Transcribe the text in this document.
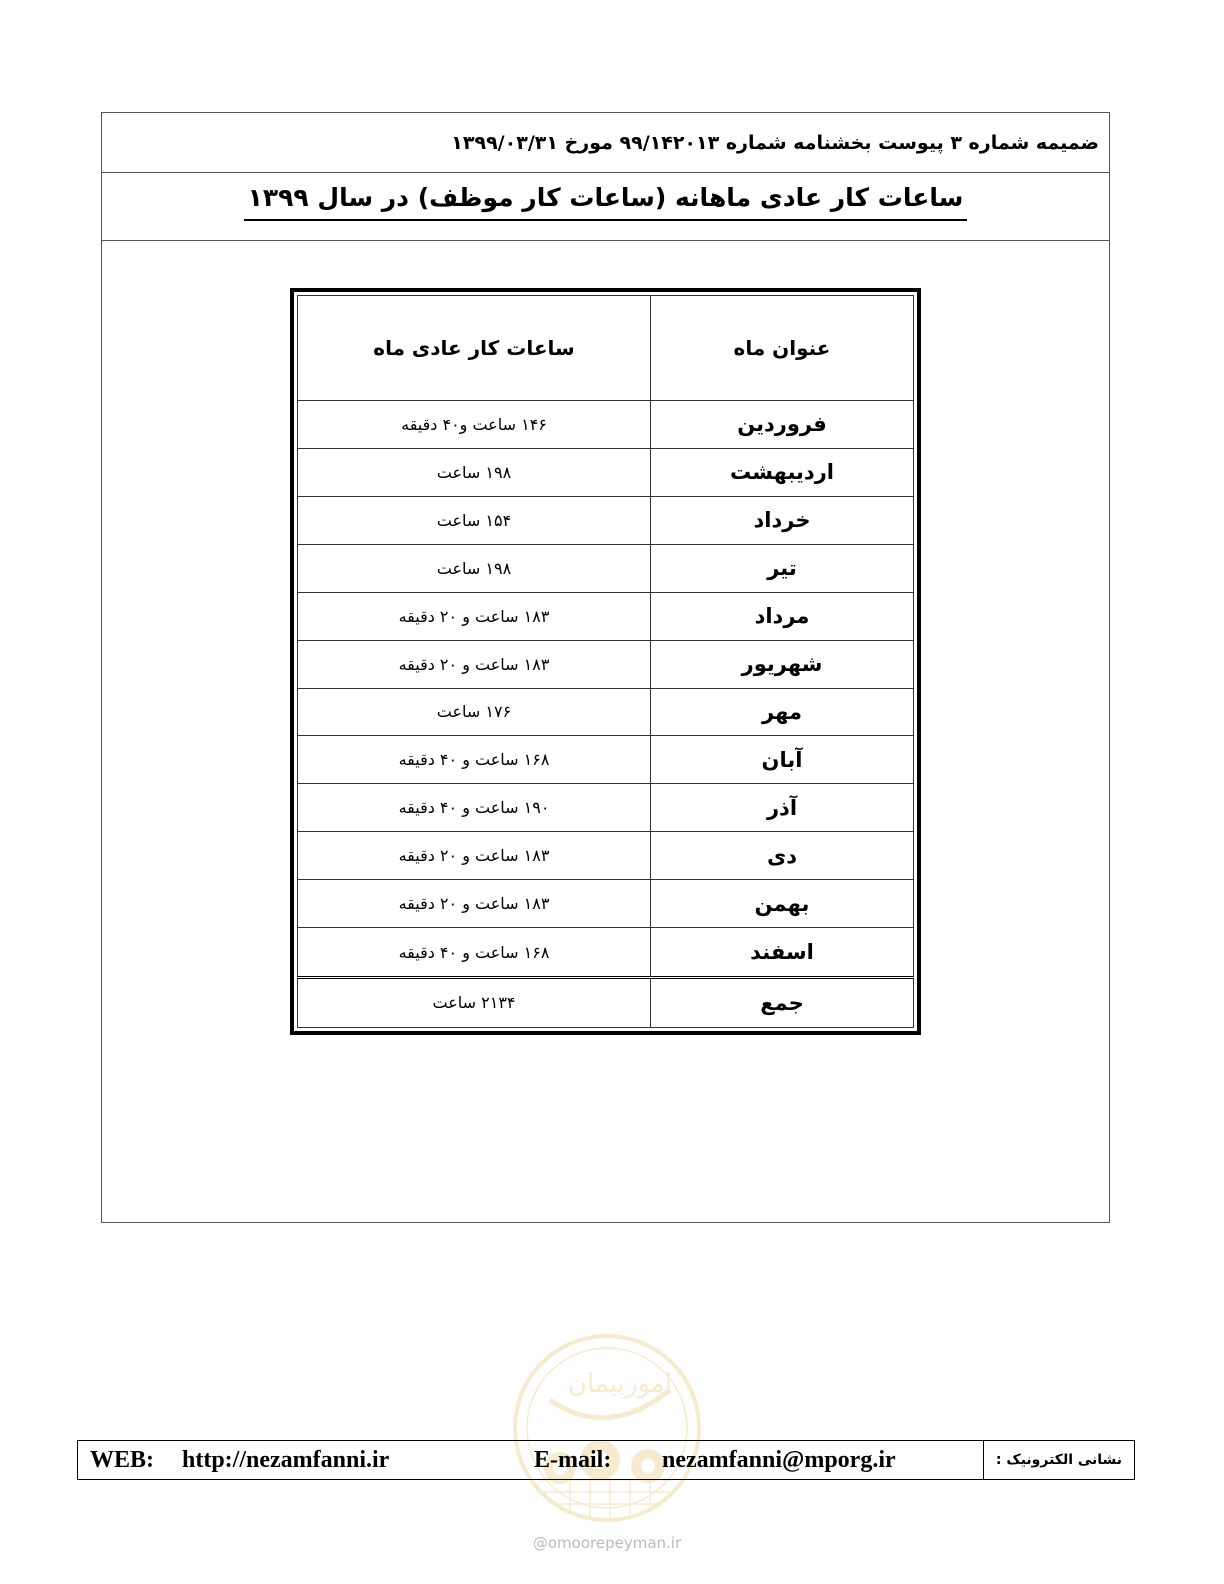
ضمیمه شماره ۳ پیوست بخشنامه شماره ۹۹/۱۴۲۰۱۳ مورخ ۱۳۹۹/۰۳/۳۱
ساعات کار عادی ماهانه (ساعات کار موظف) در سال ۱۳۹۹
عنوان ماه	ساعات کار عادی ماه
فروردین	۱۴۶ ساعت و۴۰ دقیقه
اردیبهشت	۱۹۸ ساعت
خرداد	۱۵۴ ساعت
تیر	۱۹۸ ساعت
مرداد	۱۸۳ ساعت و ۲۰ دقیقه
شهریور	۱۸۳ ساعت و ۲۰ دقیقه
مهر	۱۷۶ ساعت
آبان	۱۶۸ ساعت و ۴۰ دقیقه
آذر	۱۹۰ ساعت و ۴۰ دقیقه
دی	۱۸۳ ساعت و ۲۰ دقیقه
بهمن	۱۸۳ ساعت و ۲۰ دقیقه
اسفند	۱۶۸ ساعت و ۴۰ دقیقه
جمع	۲۱۳۴ ساعت
امورپیمان
@omoorepeyman.ir
WEB: http://nezamfanni.ir	E-mail: nezamfanni@mporg.ir	نشانی الکترونیک :
